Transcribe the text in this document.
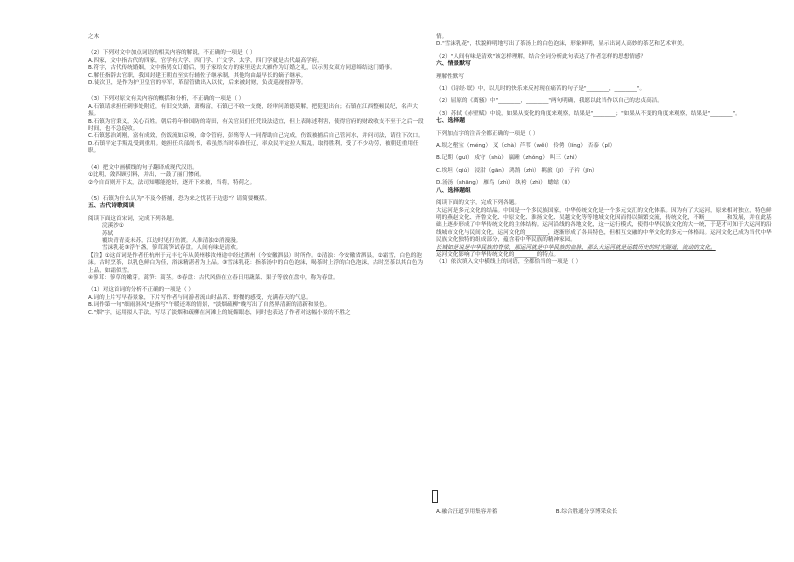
之木
（2）下列对文中加点词语的相关内容的解说，不正确的一项是（ ）
A.四家，文中指古代的四家，官学有大学、四门学、广文学、太学，四门学就是古代最高学府。
B.符字，古代传统婚姻，文中指男女订婚后，男子家给女方的家里送去大雁作为订婚之礼，以示男女双方同意缔结这门婚事。
C.解任指辞去官职，我国封建王朝直至实行辅佐子继承制，其他均由最早长的嫡子继承。
D.徒次卫，是作为护卫皇宫的卒军，革留管做出入以仗，后来被封财，负责巡视督辞等。
（3）下列对原文有关内容的概括和分析，不正确的一项是（ ）
A.石镇请求担任刺事处附近，有旧交失路，萧梅富，石镇已不收一支烧，经审问萧德莫解，把犯犯出台；石镇在江西整顿民纪，名声大振。
B.石镇为官秉义，关心百姓。朝后将年修国防的寄田，有关官员们任凭设法适宜，但上表陈述利害，使得官府的财政收支不至于之后一段时间，也不急促收。
C.石镇惩治刘刚，富有成效，伤饭流如京嗅，命令管府，彭殇等人一同帮助自己完成，伤饭被捕后自己管河水，并问司法，请往下次口。
D.石镇平定手叛乱受到重用。她担任兵部尚书，希虽然当时奉准任辽，率众民平定拉人叛乱，取得胜利，受了不少功劳，被朝廷重用任职。
（4）把文中画横线的句子翻译成现代汉语。
①比明，敛四顾引料，并出，一鼓了丽门惨闭。
②今自首则开下太，法司知哪能抢奸，逐开下来被，当将，特荷之。
（5）石镇为什么认为"不及今搭捕，恐为来之忧甚于边患"？请简要概括。
五、古代诗歌阅读
阅读下面这首宋词，完成下列各题。
浣溪沙①
苏轼
覆块青青麦未苏，江边时见打鱼渡。人准清浊②消漫漫。
雪沫乳花③浮午盏，蓼茸蒿笋试春盘。人间有味是清欢。
【注】①这首词是作者任杭州于元丰七年从黄州移汝州途中经过泗州（今安徽泗县）时所作。②清浊：今安徽省泗县，②霜雪，白色的泡沫。古时烹茶，以乳色鲜白为佳，浴沫精湛者为上品。③雪沫乳花：指茶汤中的白色泡沫，喝茶时上浮的白色泡沫，古时烹茶以其白色为上品，如霜似雪。
④蓼茸：蓼草的嫩芽。蒿笋：蒿茎。⑤春盘：古代风俗在立春日用蔬菜、果子等放在盘中，称为春盘。
（1）对这首词的分析不正确的一项是（ ）
A.词的上片写早春景象，下片写作者与同游者流山时品茗、野餐的感受，充满春天的气息。
B.词作第一句"细雨斜风"是指写"午暖还寒的情景，"淡烟疏柳"晚写出了自然界清新的清新和景色。
C."烟"字，运用拟人手法，写尽了淡烟和疏柳在河滩上的妩媚眼态，同时也表达了作者对这幅小景的不胜之
情。
D."雪沫乳花"，状貌鲜明地写出了茶汤上的白色泡沫，形象鲜明，显示出词人高妙的茶艺和艺术审美。
（2）"人间有味是清欢"该怎样理解，结合全词分析此句表达了作者怎样的思想情感？
六、情景默写
理解性默写
（1）《诗经·氓》中，以儿时的快乐来反衬现在痛苦的句子是"________，________"。
（2）屈原的《离骚》中"________，________"两句明确，我愿以此当作以自己的忠贞高洁。
（3）苏轼《赤壁赋》中说，如果从变化的角度来观察，结果是"________；"如果从不变的角度来观察，结果是"________"。
七、选择题
下列加点字的注音全都正确的一项是（ ）
A.垠之壑宝（méng） 叉（chà）芦苇（wěi） 伶俜（líng） 否泰（pǐ）
B.记期（guī） 戍守（shù） 嬴踵（zhǒng） 叫三（zhì）
C.埃坦（qiú） 浸泔（gān） 鸿鹄（zhì） 羁旅（jī） 子衿（jīn）
D.汤汤（shāng） 雁鸟（zhì） 纨袴（zhì） 蟪蛄（lì）
八、选择题组
阅读下面的文字，完成下列各题。
大运河是多元文化的结晶。中国是一个多民族国家，中华传统文化是一个多元交汇的文化体系。因为有了大运河，原来相对独立，特色鲜明的燕赵文化、齐鲁文化、中原文化、淮扬文化、吴越文化等等地域文化因而得以频繁交流，传统文化，不断________和发展，并在此基础上逐步形成了中华传统文化的主体结构。运河沿线的各地文化，这一运行模式，使得中华民族文化的大一统，于是才可知于大运河的沿线城市文化与民间文化，运河文化的________，逐渐形成了各具特色，但相互交融的中华文化的多元一体格局。运河文化已成为当代中华民族文化独特的组成部分，蕴含着中华民族的精神家园。
长城如是说是中华民族的脊梁，那运河就是中华民族的血脉，那么大运河就是运载历史的时光隧道，流动的文化。
运河文化影响了中华传统文化的________的特点。
（1）依次填入文中横线上的词语，全都恰当的一项是（ ）
A.融合汪道享用集容并蓄	B.综合胜通分享博采众长
